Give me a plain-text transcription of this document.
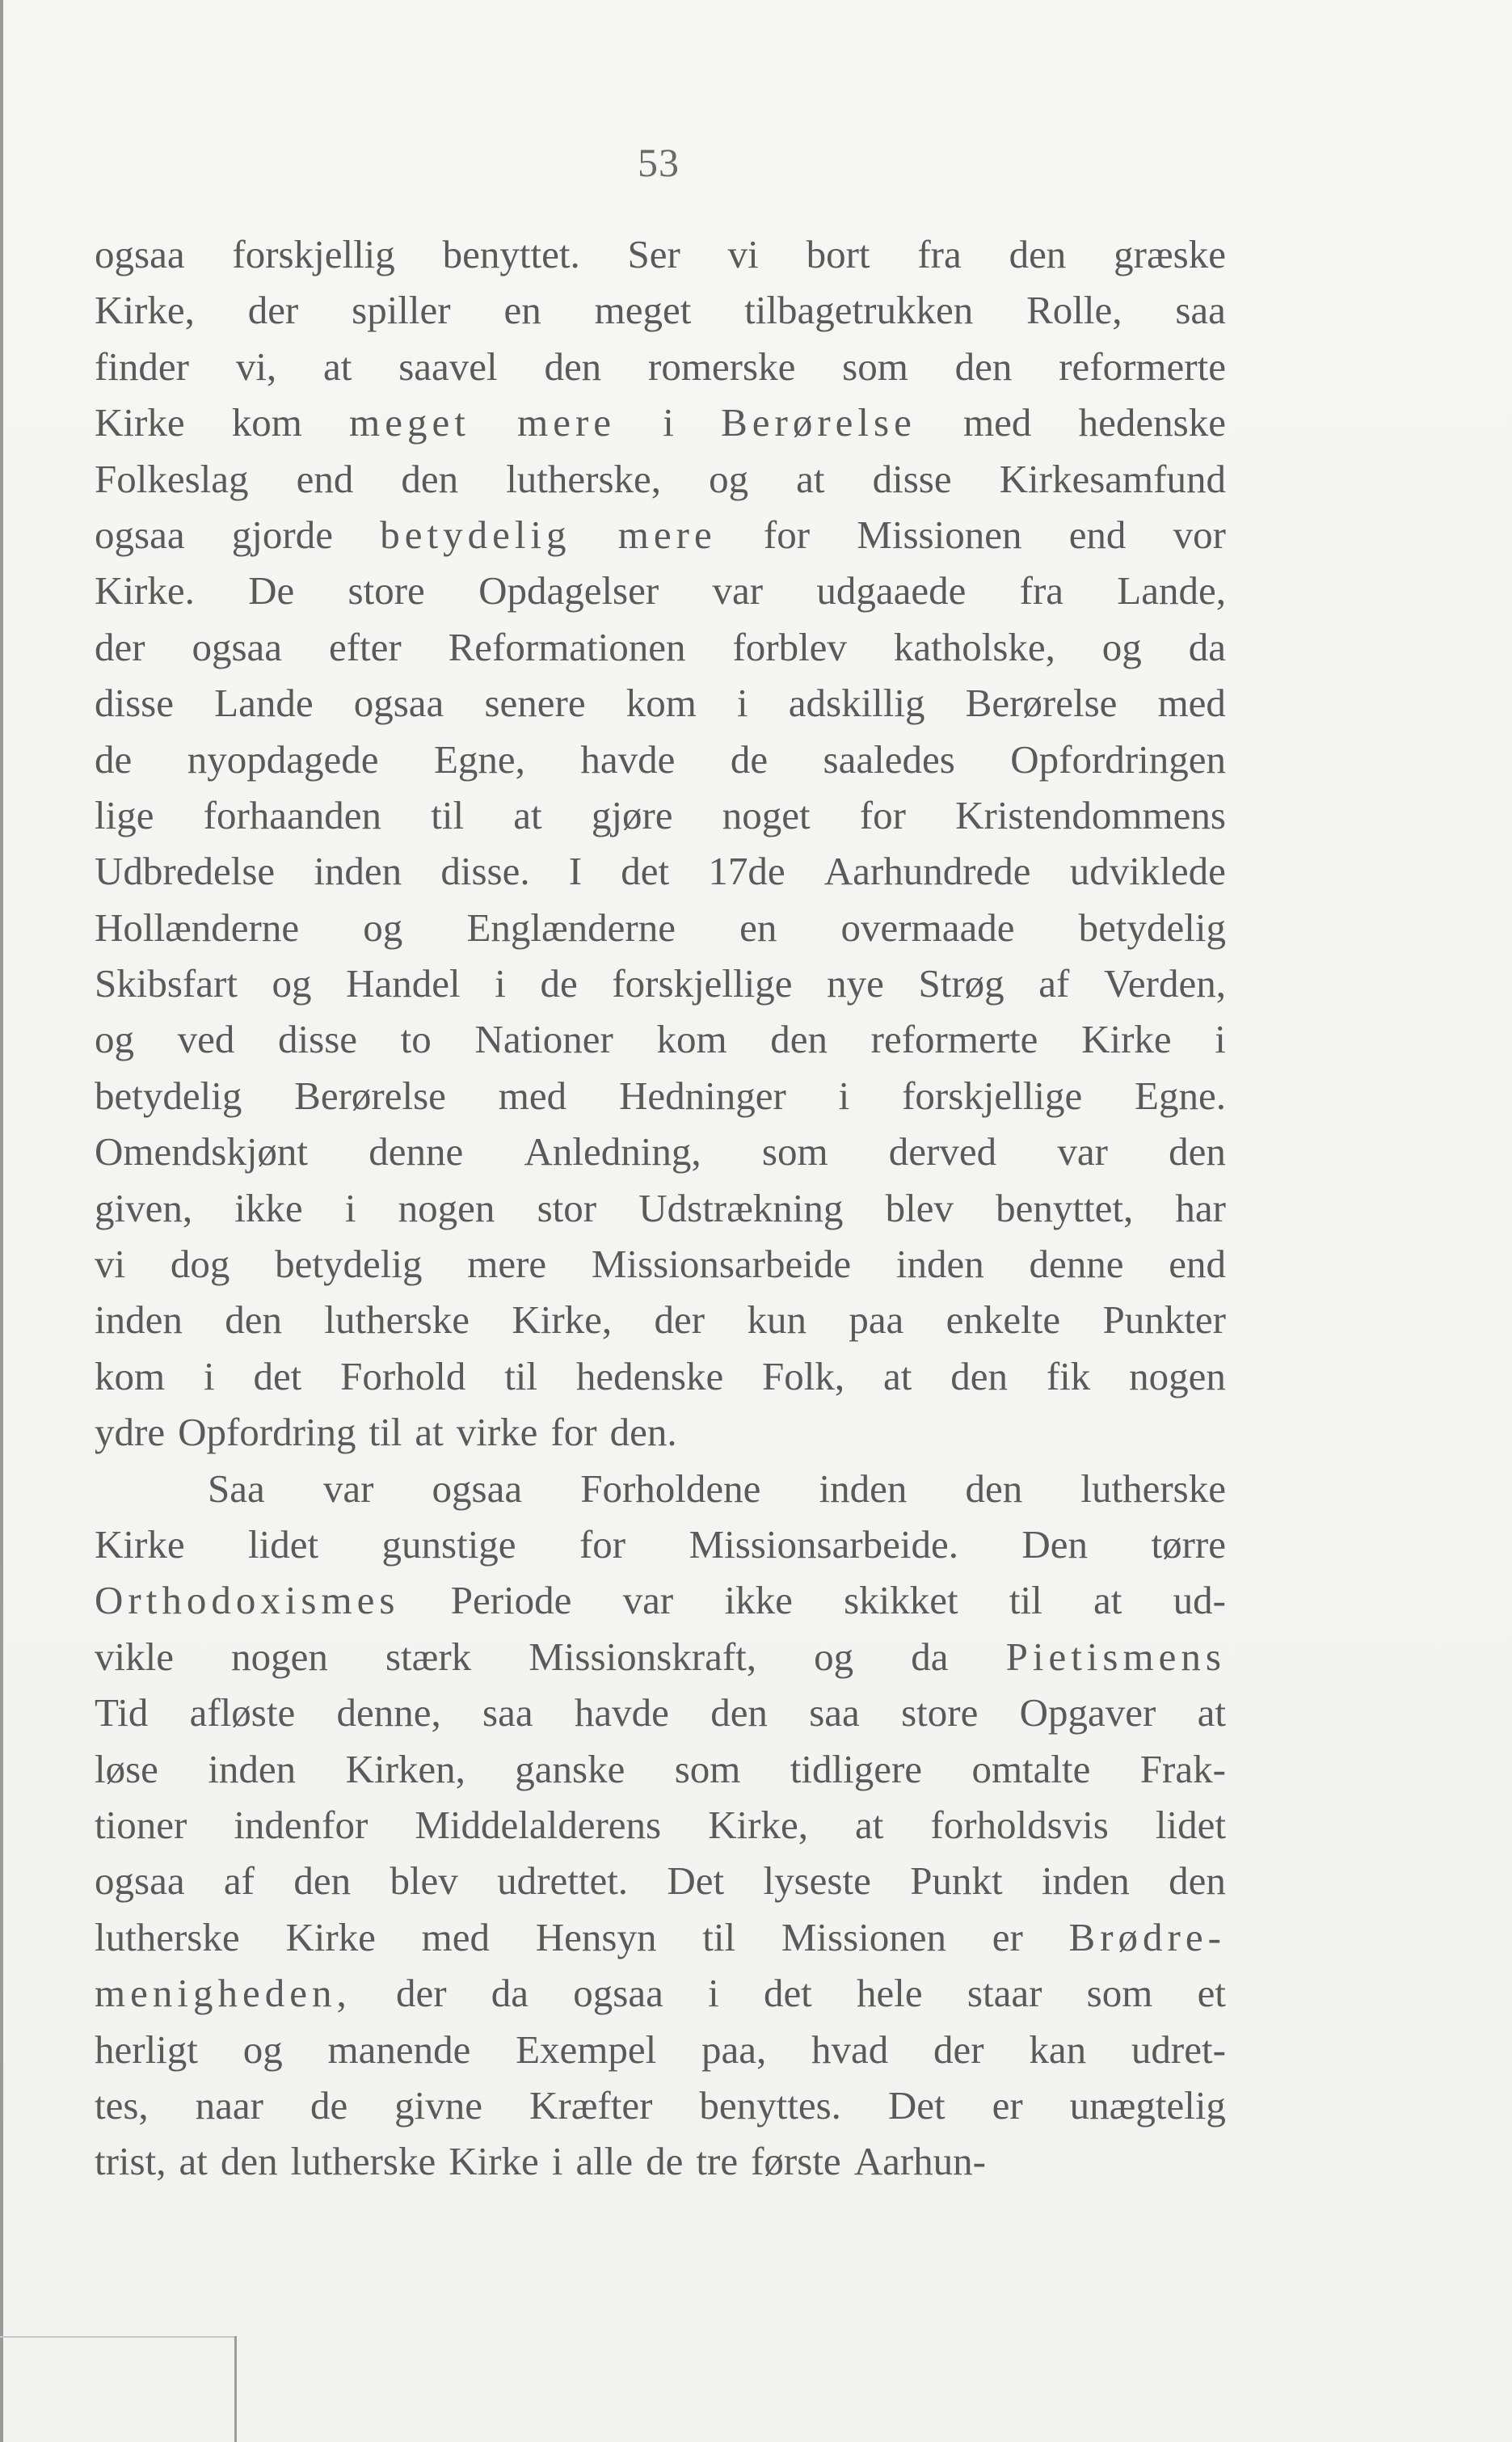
53
ogsaa forskjellig benyttet. Ser vi bort fra den græske
Kirke, der spiller en meget tilbagetrukken Rolle, saa
finder vi, at saavel den romerske som den reformerte
Kirke kom meget mere i Berørelse med hedenske
Folkeslag end den lutherske, og at disse Kirkesamfund
ogsaa gjorde betydelig mere for Missionen end vor
Kirke. De store Opdagelser var udgaaede fra Lande,
der ogsaa efter Reformationen forblev katholske, og da
disse Lande ogsaa senere kom i adskillig Berørelse med
de nyopdagede Egne, havde de saaledes Opfordringen
lige forhaanden til at gjøre noget for Kristendommens
Udbredelse inden disse. I det 17de Aarhundrede udviklede
Hollænderne og Englænderne en overmaade betydelig
Skibsfart og Handel i de forskjellige nye Strøg af Verden,
og ved disse to Nationer kom den reformerte Kirke i
betydelig Berørelse med Hedninger i forskjellige Egne.
Omendskjønt denne Anledning, som derved var den
given, ikke i nogen stor Udstrækning blev benyttet, har
vi dog betydelig mere Missionsarbeide inden denne end
inden den lutherske Kirke, der kun paa enkelte Punkter
kom i det Forhold til hedenske Folk, at den fik nogen
ydre Opfordring til at virke for den.
Saa var ogsaa Forholdene inden den lutherske
Kirke lidet gunstige for Missionsarbeide. Den tørre
Orthodoxismes Periode var ikke skikket til at ud-
vikle nogen stærk Missionskraft, og da Pietismens
Tid afløste denne, saa havde den saa store Opgaver at
løse inden Kirken, ganske som tidligere omtalte Frak-
tioner indenfor Middelalderens Kirke, at forholdsvis lidet
ogsaa af den blev udrettet. Det lyseste Punkt inden den
lutherske Kirke med Hensyn til Missionen er Brødre-
menigheden, der da ogsaa i det hele staar som et
herligt og manende Exempel paa, hvad der kan udret-
tes, naar de givne Kræfter benyttes. Det er unægtelig
trist, at den lutherske Kirke i alle de tre første Aarhun-
